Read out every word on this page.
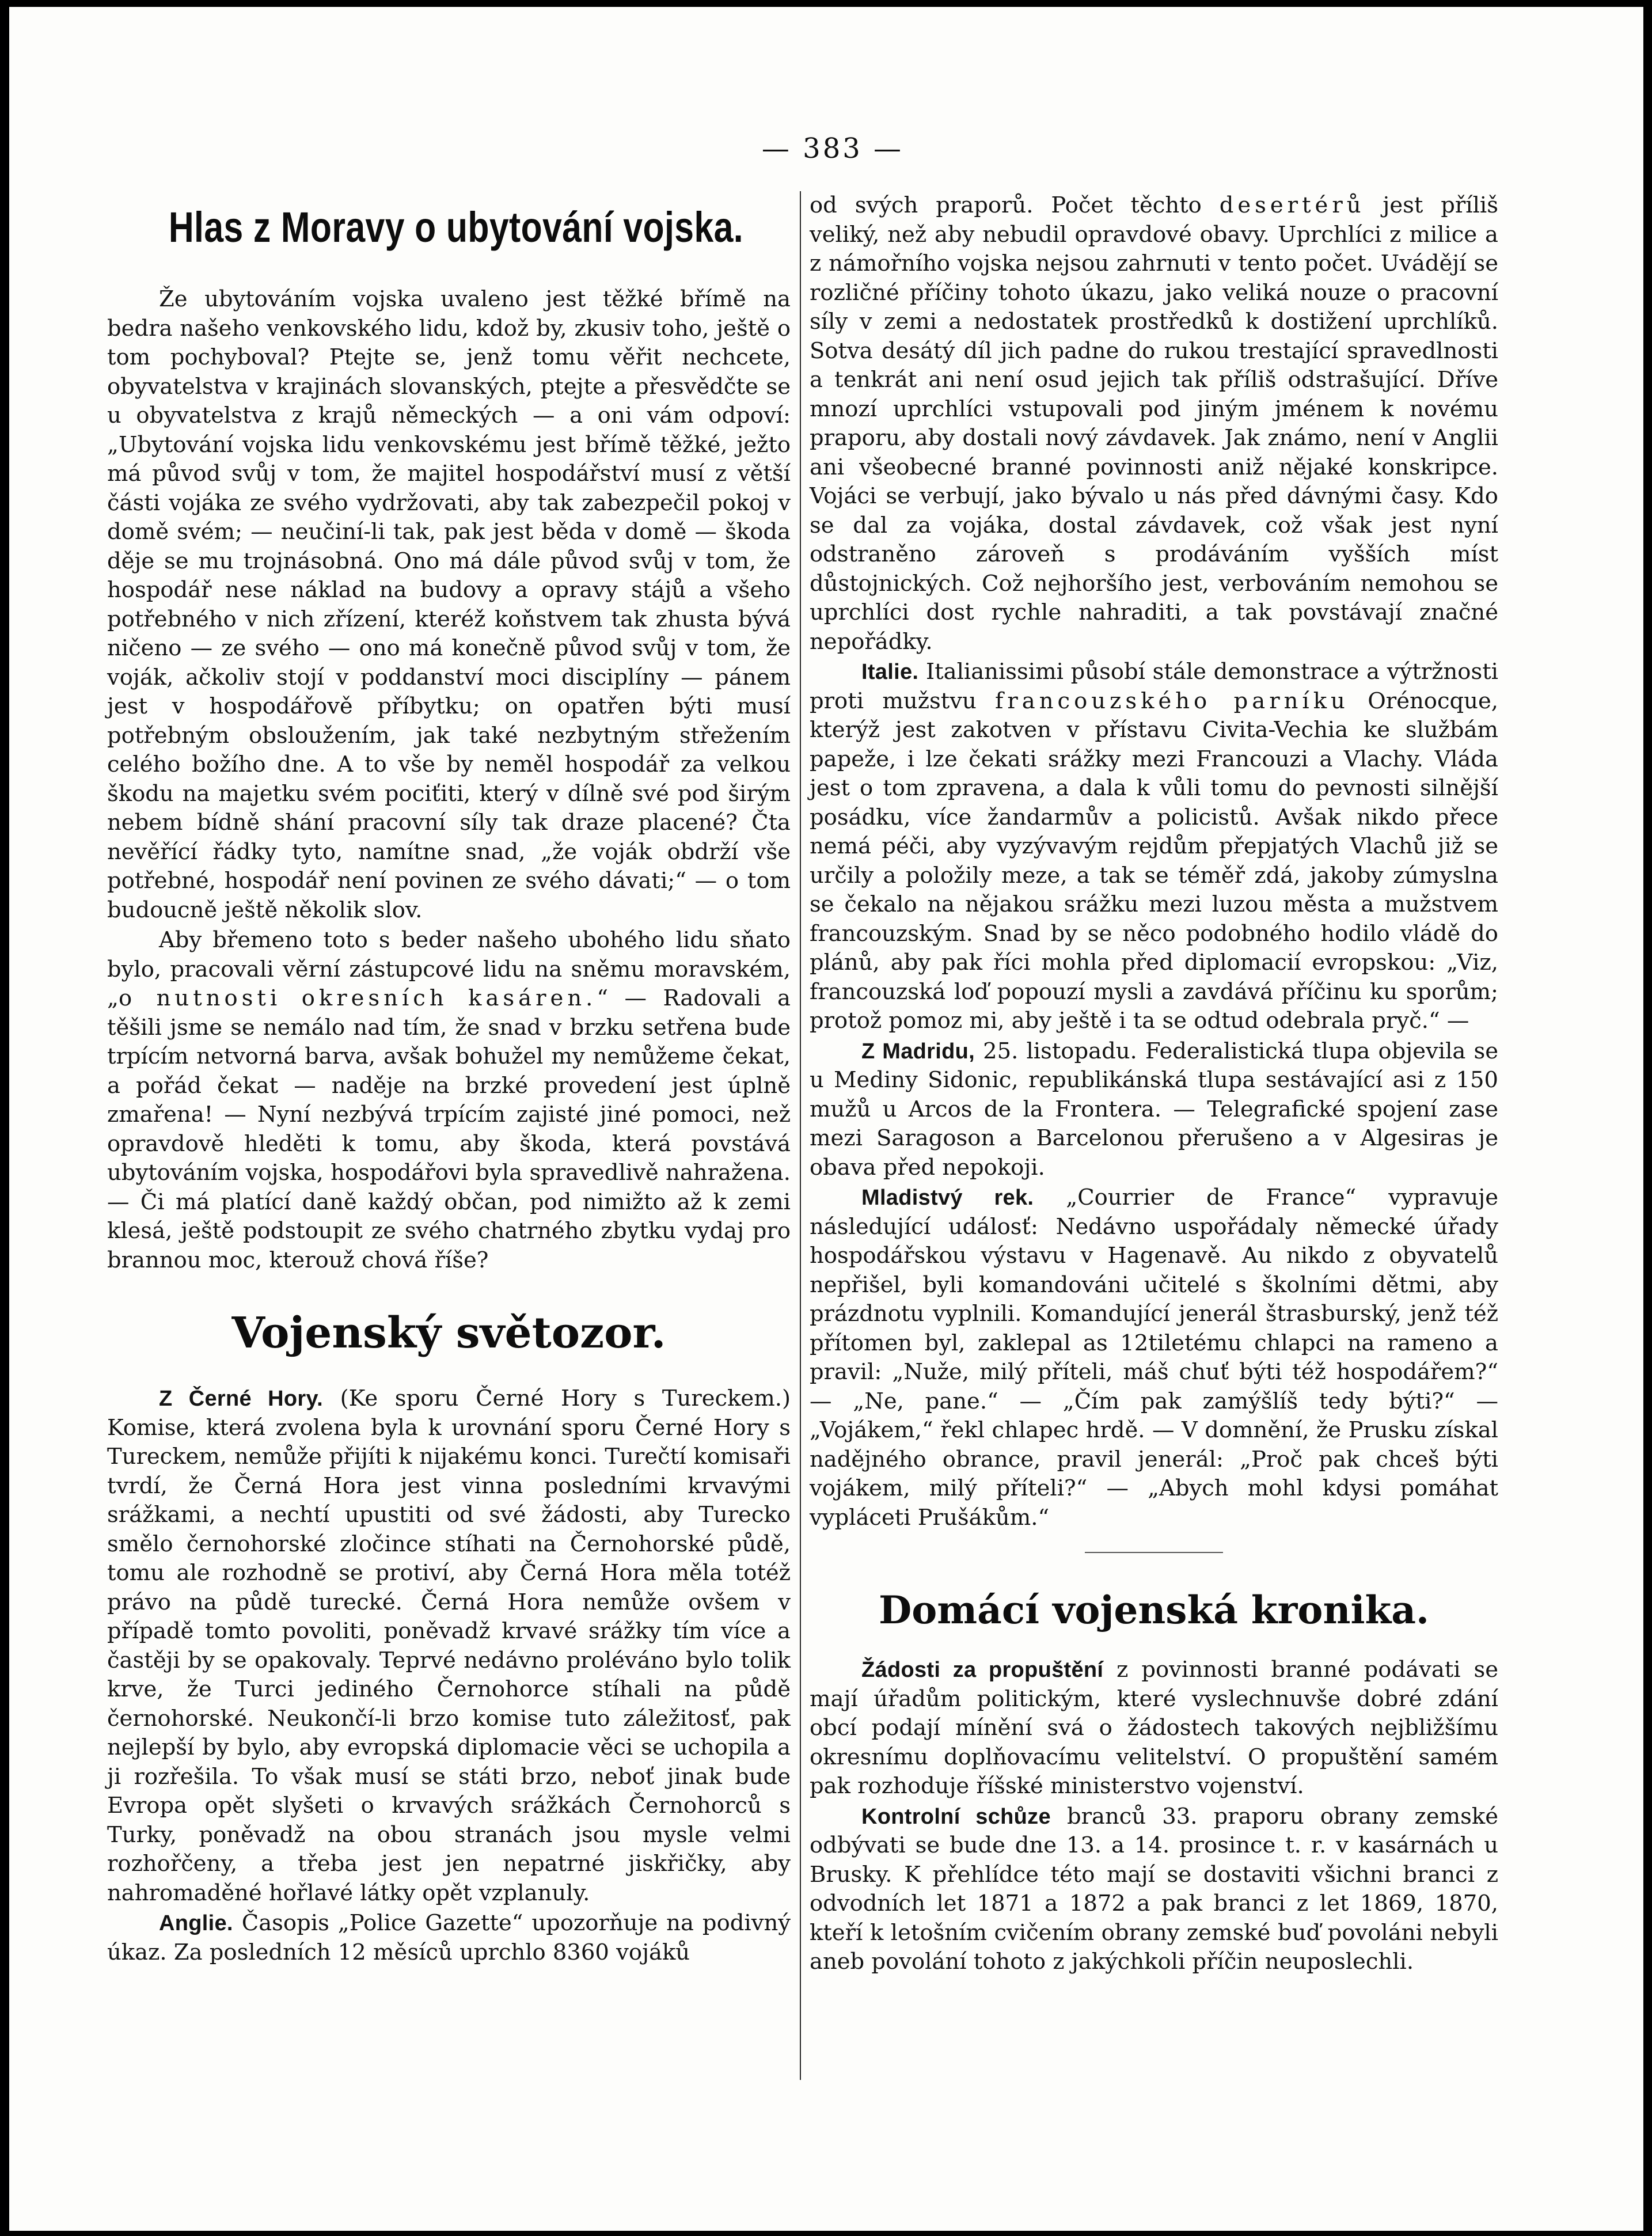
— 383 —
Hlas z Moravy o ubytování vojska.

Že ubytováním vojska uvaleno jest těžké břímě na bedra našeho venkovského lidu, kdož by, zkusiv toho, ještě o tom pochyboval? Ptejte se, jenž tomu věřit nechcete, obyvatelstva v krajinách slovanských, ptejte a přesvědčte se u obyvatelstva z krajů německých — a oni vám odpoví: „Ubytování vojska lidu venkovskému jest břímě těžké, ježto má původ svůj v tom, že majitel hospodářství musí z větší části vojáka ze svého vydržovati, aby tak zabezpečil pokoj v domě svém; — neučiní-li tak, pak jest běda v domě — škoda děje se mu trojnásobná. Ono má dále původ svůj v tom, že hospodář nese náklad na budovy a opravy stájů a všeho potřebného v nich zřízení, kteréž koňstvem tak zhusta bývá ničeno — ze svého — ono má konečně původ svůj v tom, že voják, ačkoliv stojí v poddanství moci disciplíny — pánem jest v hospodářově příbytku; on opatřen býti musí potřebným obsloužením, jak také nezbytným střežením celého božího dne. A to vše by neměl hospodář za velkou škodu na majetku svém pociťiti, který v dílně své pod širým nebem bídně shání pracovní síly tak draze placené? Čta nevěřící řádky tyto, namítne snad, „že voják obdrží vše potřebné, hospodář není povinen ze svého dávati;“ — o tom budoucně ještě několik slov.

Aby břemeno toto s beder našeho ubohého lidu sňato bylo, pracovali věrní zástupcové lidu na sněmu moravském, „o nutnosti okresních kasáren.“ — Radovali a těšili jsme se nemálo nad tím, že snad v brzku setřena bude trpícím netvorná barva, avšak bohužel my nemůžeme čekat, a pořád čekat — naděje na brzké provedení jest úplně zmařena! — Nyní nezbývá trpícím zajisté jiné pomoci, než opravdově hleděti k tomu, aby škoda, která povstává ubytováním vojska, hospodářovi byla spravedlivě nahražena. — Či má platící daně každý občan, pod nimižto až k zemi klesá, ještě podstoupit ze svého chatrného zbytku vydaj pro brannou moc, kterouž chová říše?

Vojenský světozor.

Z Černé Hory. (Ke sporu Černé Hory s Tureckem.) Komise, která zvolena byla k urovnání sporu Černé Hory s Tureckem, nemůže přijíti k nijakému konci. Turečtí komisaři tvrdí, že Černá Hora jest vinna posledními krvavými srážkami, a nechtí upustiti od své žádosti, aby Turecko smělo černohorské zločince stíhati na Černohorské půdě, tomu ale rozhodně se protiví, aby Černá Hora měla totéž právo na půdě turecké. Černá Hora nemůže ovšem v případě tomto povoliti, poněvadž krvavé srážky tím více a častěji by se opakovaly. Teprvé nedávno proléváno bylo tolik krve, že Turci jediného Černohorce stíhali na půdě černohorské. Neukončí-li brzo komise tuto záležitosť, pak nejlepší by bylo, aby evropská diplomacie věci se uchopila a ji rozřešila. To však musí se státi brzo, neboť jinak bude Evropa opět slyšeti o krvavých srážkách Černohorců s Turky, poněvadž na obou stranách jsou mysle velmi rozhořčeny, a třeba jest jen nepatrné jiskřičky, aby nahromaděné hořlavé látky opět vzplanuly.

Anglie. Časopis „Police Gazette“ upozorňuje na podivný úkaz. Za posledních 12 měsíců uprchlo 8360 vojáků

od svých praporů. Počet těchto desertérů jest příliš veliký, než aby nebudil opravdové obavy. Uprchlíci z milice a z námořního vojska nejsou zahrnuti v tento počet. Uvádějí se rozličné příčiny tohoto úkazu, jako veliká nouze o pracovní síly v zemi a nedostatek prostředků k dostižení uprchlíků. Sotva desátý díl jich padne do rukou trestající spravedlnosti a tenkrát ani není osud jejich tak příliš odstrašující. Dříve mnozí uprchlíci vstupovali pod jiným jménem k novému praporu, aby dostali nový závdavek. Jak známo, není v Anglii ani všeobecné branné povinnosti aniž nějaké konskripce. Vojáci se verbují, jako bývalo u nás před dávnými časy. Kdo se dal za vojáka, dostal závdavek, což však jest nyní odstraněno zároveň s prodáváním vyšších míst důstojnických. Což nejhoršího jest, verbováním nemohou se uprchlíci dost rychle nahraditi, a tak povstávají značné nepořádky.

Italie. Italianissimi působí stále demonstrace a výtržnosti proti mužstvu francouzského parníku Orénocque, kterýž jest zakotven v přístavu Civita-Vechia ke službám papeže, i lze čekati srážky mezi Francouzi a Vlachy. Vláda jest o tom zpravena, a dala k vůli tomu do pevnosti silnější posádku, více žandarmův a policistů. Avšak nikdo přece nemá péči, aby vyzývavým rejdům přepjatých Vlachů již se určily a položily meze, a tak se téměř zdá, jakoby zúmyslna se čekalo na nějakou srážku mezi luzou města a mužstvem francouzským. Snad by se něco podobného hodilo vládě do plánů, aby pak říci mohla před diplomacií evropskou: „Viz, francouzská loď popouzí mysli a zavdává příčinu ku sporům; protož pomoz mi, aby ještě i ta se odtud odebrala pryč.“ —

Z Madridu, 25. listopadu. Federalistická tlupa objevila se u Mediny Sidonic, republikánská tlupa sestávající asi z 150 mužů u Arcos de la Frontera. — Telegrafické spojení zase mezi Saragoson a Barcelonou přerušeno a v Algesiras je obava před nepokoji.

Mladistvý rek. „Courrier de France“ vypravuje následující událosť: Nedávno uspořádaly německé úřady hospodářskou výstavu v Hagenavě. Au nikdo z obyvatelů nepřišel, byli komandováni učitelé s školními dětmi, aby prázdnotu vyplnili. Komandující jenerál štrasburský, jenž též přítomen byl, zaklepal as 12tiletému chlapci na rameno a pravil: „Nuže, milý příteli, máš chuť býti též hospodářem?“ — „Ne, pane.“ — „Čím pak zamýšlíš tedy býti?“ — „Vojákem,“ řekl chlapec hrdě. — V domnění, že Prusku získal nadějného obrance, pravil jenerál: „Proč pak chceš býti vojákem, milý příteli?“ — „Abych mohl kdysi pomáhat vypláceti Prušákům.“

Domácí vojenská kronika.

Žádosti za propuštění z povinnosti branné podávati se mají úřadům politickým, které vyslechnuvše dobré zdání obcí podají mínění svá o žádostech takových nejbližšímu okresnímu doplňovacímu velitelství. O propuštění samém pak rozhoduje říšské ministerstvo vojenství.

Kontrolní schůze branců 33. praporu obrany zemské odbývati se bude dne 13. a 14. prosince t. r. v kasárnách u Brusky. K přehlídce této mají se dostaviti všichni branci z odvodních let 1871 a 1872 a pak branci z let 1869, 1870, kteří k letošním cvičením obrany zemské buď povoláni nebyli aneb povolání tohoto z jakýchkoli příčin neuposlechli.
